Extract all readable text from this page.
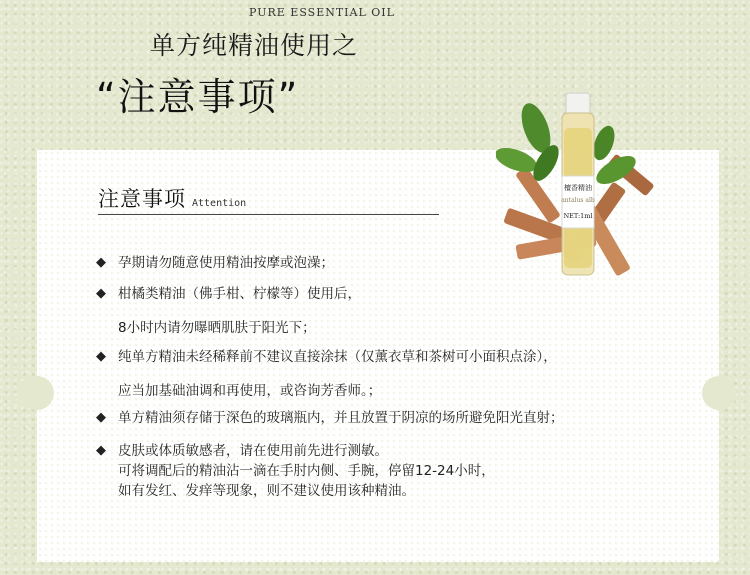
PURE ESSENTIAL OIL
单方纯精油使用之
“注意事项”
注意事项 Attention
◆ 孕期请勿随意使用精油按摩或泡澡；
◆ 柑橘类精油（佛手柑、柠檬等）使用后，
8小时内请勿曝晒肌肤于阳光下；
◆ 纯单方精油未经稀释前不建议直接涂抹（仅薰衣草和茶树可小面积点涂），
应当加基础油调和再使用，或咨询芳香师。；
◆ 单方精油须存储于深色的玻璃瓶内，并且放置于阴凉的场所避免阳光直射；
◆ 皮肤或体质敏感者，请在使用前先进行测敏。
可将调配后的精油沾一滴在手肘内侧、手腕，停留12-24小时，
如有发红、发痒等现象，则不建议使用该种精油。
檀香精油
antalus alb
NET:1ml
